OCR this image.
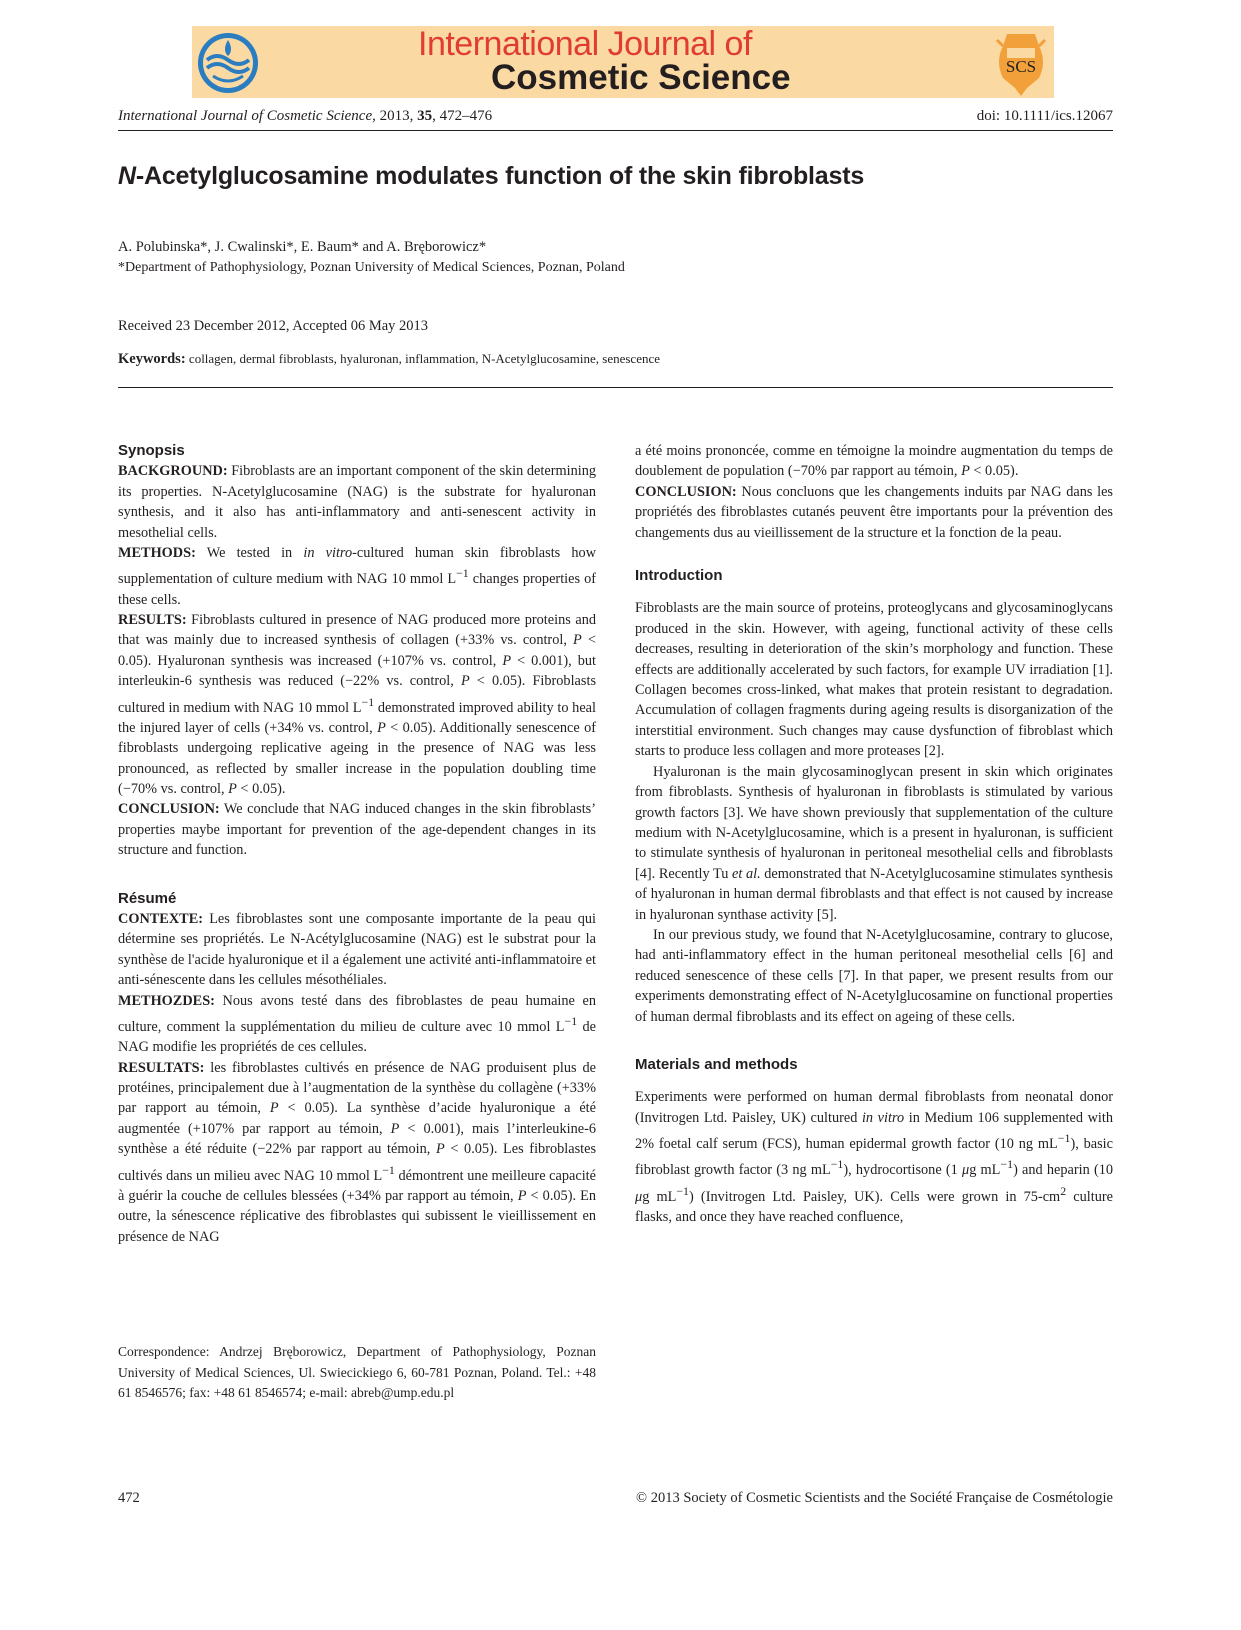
International Journal of
Cosmetic Science	SCS
International Journal of Cosmetic Science, 2013, 35, 472–476	doi: 10.1111/ics.12067
N-Acetylglucosamine modulates function of the skin fibroblasts
A. Polubinska*, J. Cwalinski*, E. Baum* and A. Bręborowicz*
*Department of Pathophysiology, Poznan University of Medical Sciences, Poznan, Poland
Received 23 December 2012, Accepted 06 May 2013
Keywords: collagen, dermal fibroblasts, hyaluronan, inflammation, N-Acetylglucosamine, senescence
Synopsis

BACKGROUND: Fibroblasts are an important component of the skin determining its properties. N-Acetylglucosamine (NAG) is the substrate for hyaluronan synthesis, and it also has anti-inflammatory and anti-senescent activity in mesothelial cells.

METHODS: We tested in in vitro-cultured human skin fibroblasts how supplementation of culture medium with NAG 10 mmol $L^{-1}$ changes properties of these cells.

RESULTS: Fibroblasts cultured in presence of NAG produced more proteins and that was mainly due to increased synthesis of collagen (+33% vs. control, P < 0.05). Hyaluronan synthesis was increased (+107% vs. control, P < 0.001), but interleukin-6 synthesis was reduced (−22% vs. control, P < 0.05). Fibroblasts cultured in medium with NAG 10 mmol $L^{-1}$ demonstrated improved ability to heal the injured layer of cells (+34% vs. control, P < 0.05). Additionally senescence of fibroblasts undergoing replicative ageing in the presence of NAG was less pronounced, as reflected by smaller increase in the population doubling time (−70% vs. control, P < 0.05).

CONCLUSION: We conclude that NAG induced changes in the skin fibroblasts’ properties maybe important for prevention of the age-dependent changes in its structure and function.

Résumé

CONTEXTE: Les fibroblastes sont une composante importante de la peau qui détermine ses propriétés. Le N-Acétylglucosamine (NAG) est le substrat pour la synthèse de l'acide hyaluronique et il a également une activité anti-inflammatoire et anti-sénescente dans les cellules mésothéliales.

METHOZDES: Nous avons testé dans des fibroblastes de peau humaine en culture, comment la supplémentation du milieu de culture avec 10 mmol $L^{-1}$ de NAG modifie les propriétés de ces cellules.

RESULTATS: les fibroblastes cultivés en présence de NAG produisent plus de protéines, principalement due à l’augmentation de la synthèse du collagène (+33% par rapport au témoin, P < 0.05). La synthèse d’acide hyaluronique a été augmentée (+107% par rapport au témoin, P < 0.001), mais l’interleukine-6 synthèse a été réduite (−22% par rapport au témoin, P < 0.05). Les fibroblastes cultivés dans un milieu avec NAG 10 mmol $L^{-1}$ démontrent une meilleure capacité à guérir la couche de cellules blessées (+34% par rapport au témoin, P < 0.05). En outre, la sénescence réplicative des fibroblastes qui subissent le vieillissement en présence de NAG

Correspondence: Andrzej Bręborowicz, Department of Pathophysiology, Poznan University of Medical Sciences, Ul. Swiecickiego 6, 60-781 Poznan, Poland. Tel.: +48 61 8546576; fax: +48 61 8546574; e-mail: abreb@ump.edu.pl

a été moins prononcée, comme en témoigne la moindre augmentation du temps de doublement de population (−70% par rapport au témoin, P < 0.05).

CONCLUSION: Nous concluons que les changements induits par NAG dans les propriétés des fibroblastes cutanés peuvent être importants pour la prévention des changements dus au vieillissement de la structure et la fonction de la peau.

Introduction

Fibroblasts are the main source of proteins, proteoglycans and glycosaminoglycans produced in the skin. However, with ageing, functional activity of these cells decreases, resulting in deterioration of the skin’s morphology and function. These effects are additionally accelerated by such factors, for example UV irradiation [1]. Collagen becomes cross-linked, what makes that protein resistant to degradation. Accumulation of collagen fragments during ageing results is disorganization of the interstitial environment. Such changes may cause dysfunction of fibroblast which starts to produce less collagen and more proteases [2].

Hyaluronan is the main glycosaminoglycan present in skin which originates from fibroblasts. Synthesis of hyaluronan in fibroblasts is stimulated by various growth factors [3]. We have shown previously that supplementation of the culture medium with N-Acetylglucosamine, which is a present in hyaluronan, is sufficient to stimulate synthesis of hyaluronan in peritoneal mesothelial cells and fibroblasts [4]. Recently Tu et al. demonstrated that N-Acetylglucosamine stimulates synthesis of hyaluronan in human dermal fibroblasts and that effect is not caused by increase in hyaluronan synthase activity [5].

In our previous study, we found that N-Acetylglucosamine, contrary to glucose, had anti-inflammatory effect in the human peritoneal mesothelial cells [6] and reduced senescence of these cells [7]. In that paper, we present results from our experiments demonstrating effect of N-Acetylglucosamine on functional properties of human dermal fibroblasts and its effect on ageing of these cells.

Materials and methods

Experiments were performed on human dermal fibroblasts from neonatal donor (Invitrogen Ltd. Paisley, UK) cultured in vitro in Medium 106 supplemented with 2% foetal calf serum (FCS), human epidermal growth factor (10 ng $mL^{-1}$), basic fibroblast growth factor (3 ng $mL^{-1}$), hydrocortisone (1 μg $mL^{-1}$) and heparin (10 μg $mL^{-1}$) (Invitrogen Ltd. Paisley, UK). Cells were grown in $75-cm^2$ culture flasks, and once they have reached confluence,

472	© 2013 Society of Cosmetic Scientists and the Société Française de Cosmétologie
